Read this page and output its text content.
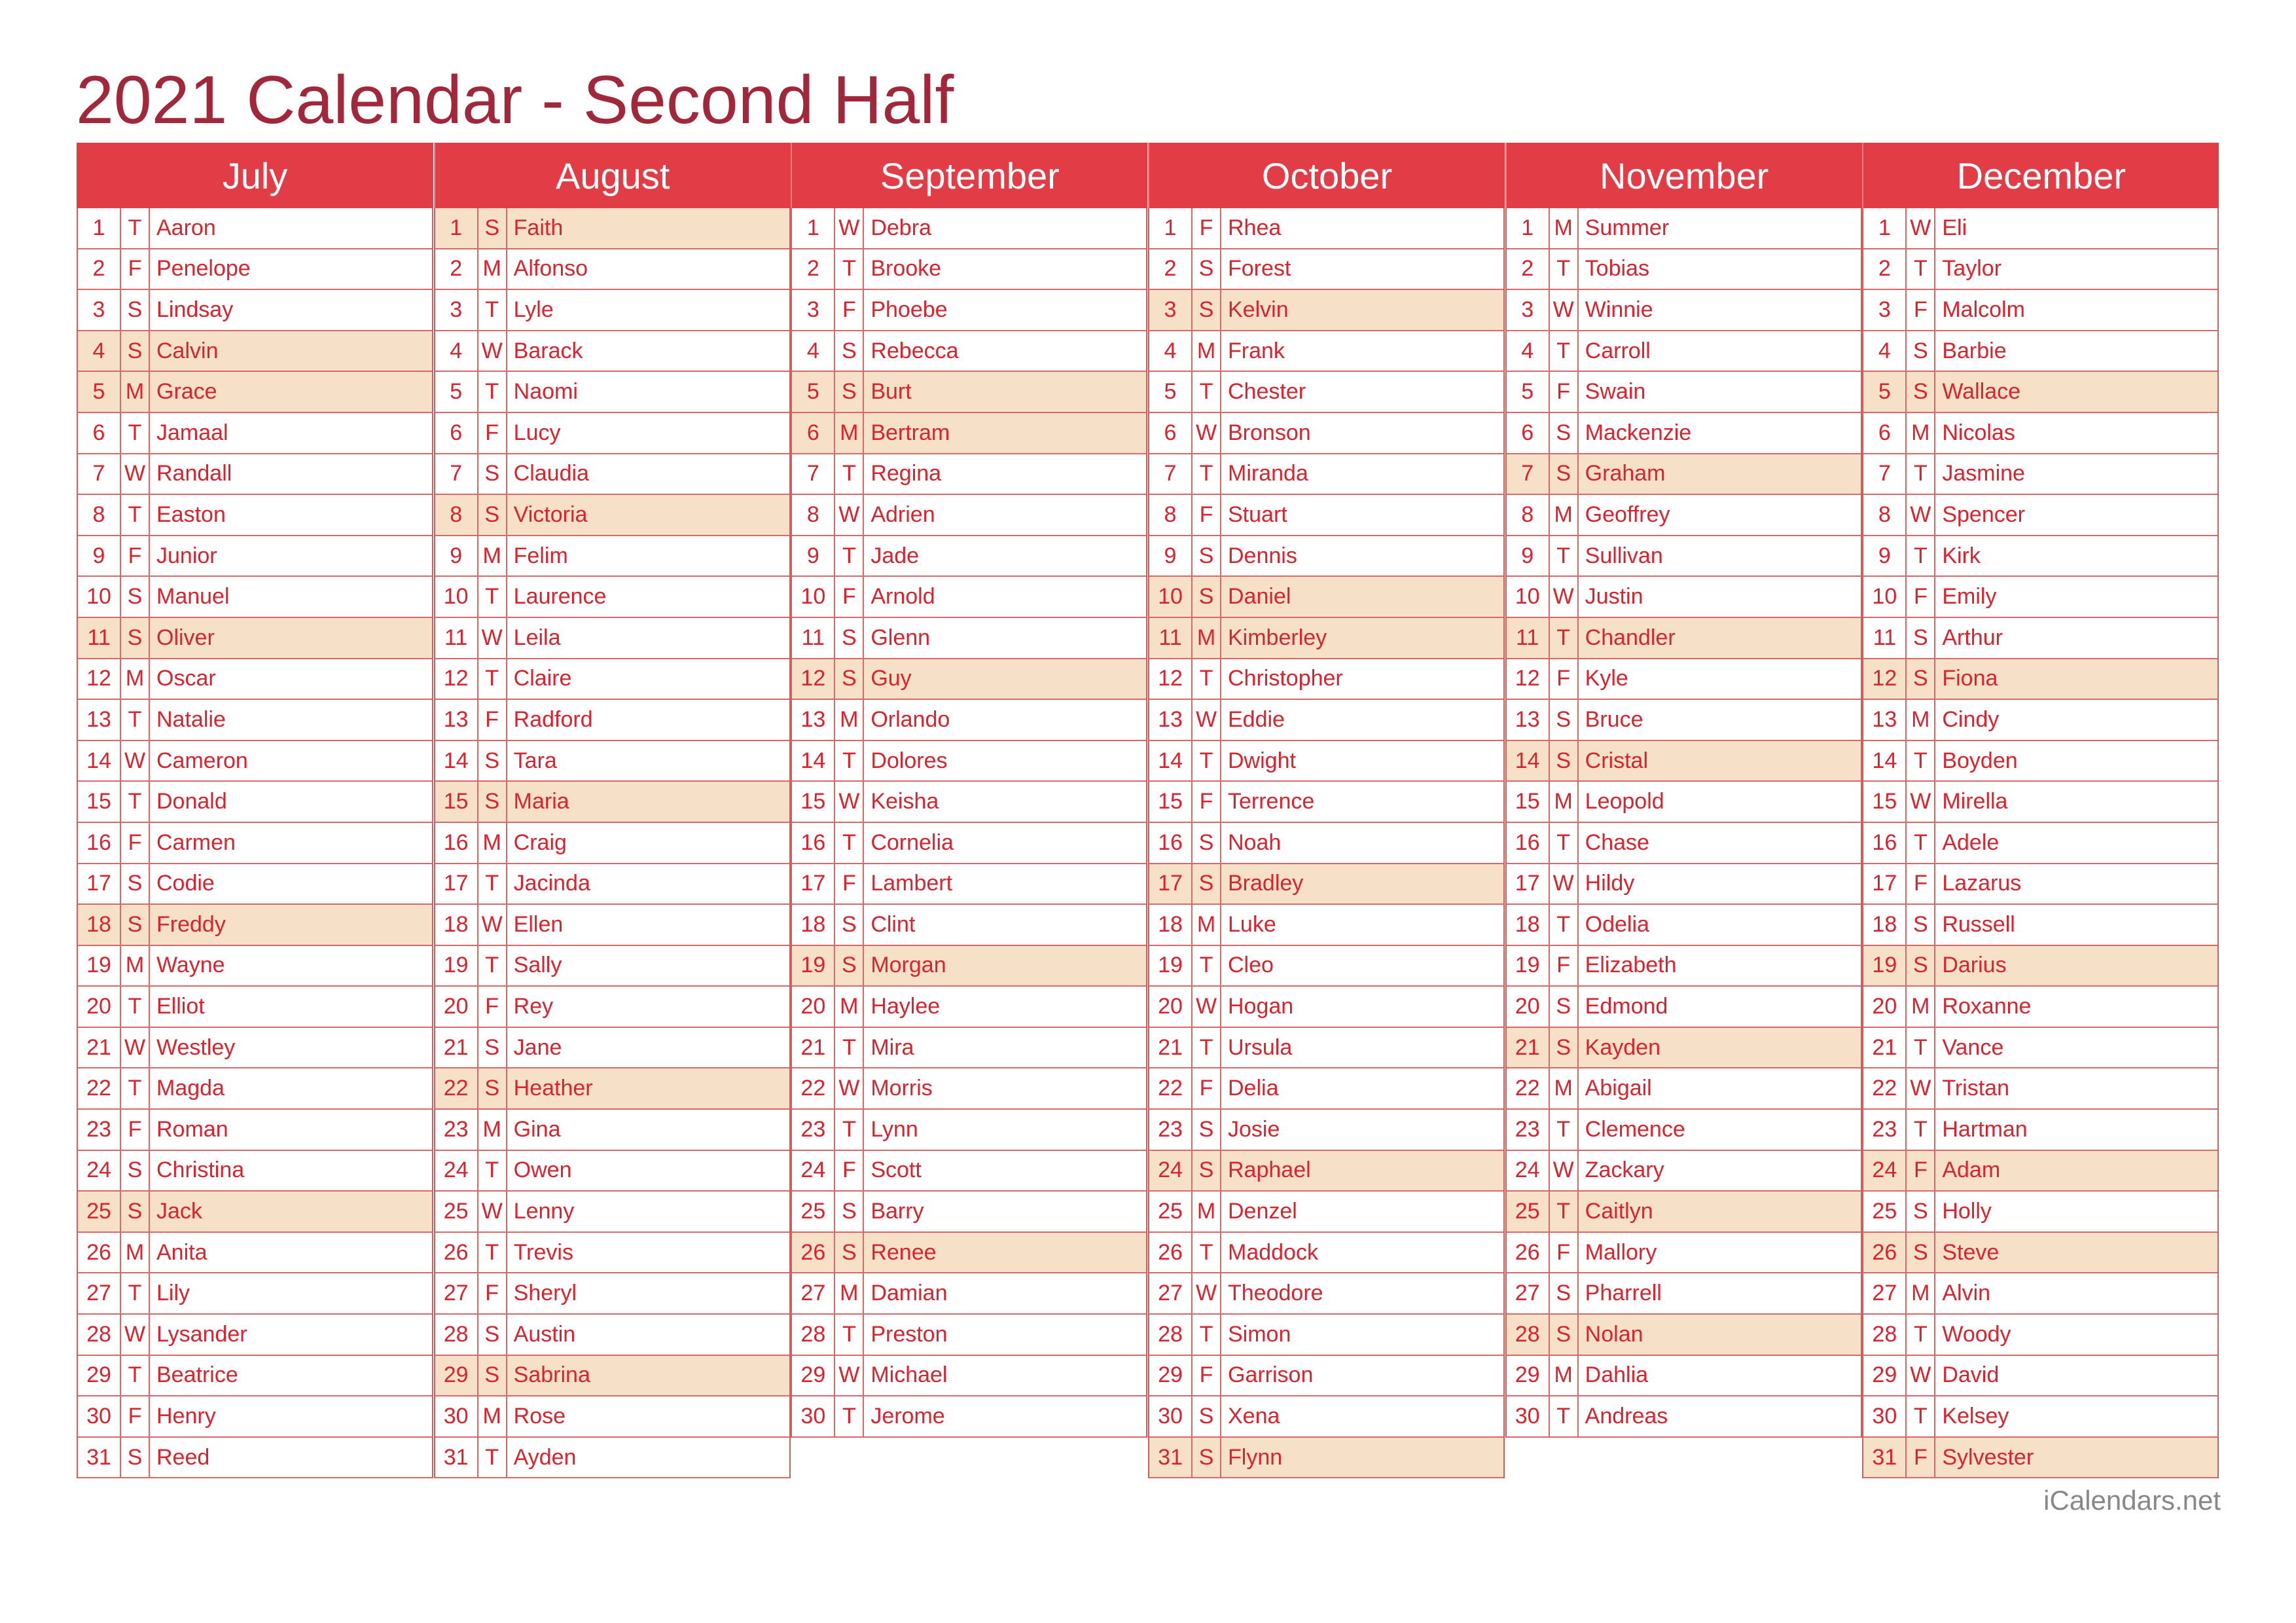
2021 Calendar - Second Half
July
1	T Aaron
2	F Penelope
3	S Lindsay
4	S Calvin
5 M Grace
6	T Jamaal
7 W Randall
8	T Easton
9	F Junior
10 S Manuel
11 S Oliver
12 M Oscar
13 T Natalie
14 W Cameron
15 T Donald
16 F Carmen
17 S Codie
18 S Freddy
19 M Wayne
20 T Elliot
21 W Westley
22 T Magda
23 F Roman
24 S Christina
25 S Jack
26 M Anita
27 T Lily
28 W Lysander
29 T Beatrice
30 F Henry
31 S Reed
August
1	S Faith
2 M Alfonso
3	T Lyle
4 W Barack
5	T Naomi
6	F Lucy
7	S Claudia
8	S Victoria
9 M Felim
10 T Laurence
11 W Leila
12 T Claire
13 F Radford
14 S Tara
15 S Maria
16 M Craig
17 T Jacinda
18 W Ellen
19 T Sally
20 F Rey
21 S Jane
22 S Heather
23 M Gina
24 T Owen
25 W Lenny
26 T Trevis
27 F Sheryl
28 S Austin
29 S Sabrina
30 M Rose
31 T Ayden
September
1 W Debra
2	T Brooke
3	F Phoebe
4	S Rebecca
5	S Burt
6 M Bertram
7	T Regina
8 W Adrien
9	T Jade
10 F Arnold
11 S Glenn
12 S Guy
13 M Orlando
14 T Dolores
15 W Keisha
16 T Cornelia
17 F Lambert
18 S Clint
19 S Morgan
20 M Haylee
21 T Mira
22 W Morris
23 T Lynn
24 F Scott
25 S Barry
26 S Renee
27 M Damian
28 T Preston
29 W Michael
30 T Jerome
October
1	F Rhea
2	S Forest
3	S Kelvin
4 M Frank
5	T Chester
6 W Bronson
7	T Miranda
8	F Stuart
9	S Dennis
10 S Daniel
11 M Kimberley
12 T Christopher
13 W Eddie
14 T Dwight
15 F Terrence
16 S Noah
17 S Bradley
18 M Luke
19 T Cleo
20 W Hogan
21 T Ursula
22 F Delia
23 S Josie
24 S Raphael
25 M Denzel
26 T Maddock
27 W Theodore
28 T Simon
29 F Garrison
30 S Xena
31 S Flynn
November
1 M Summer
2	T Tobias
3 W Winnie
4	T Carroll
5	F Swain
6	S Mackenzie
7	S Graham
8 M Geoffrey
9	T Sullivan
10 W Justin
11 T Chandler
12 F Kyle
13 S Bruce
14 S Cristal
15 M Leopold
16 T Chase
17 W Hildy
18 T Odelia
19 F Elizabeth
20 S Edmond
21 S Kayden
22 M Abigail
23 T Clemence
24 W Zackary
25 T Caitlyn
26 F Mallory
27 S Pharrell
28 S Nolan
29 M Dahlia
30 T Andreas
December
1 W Eli
2	T Taylor
3	F Malcolm
4	S Barbie
5	S Wallace
6 M Nicolas
7	T Jasmine
8 W Spencer
9	T Kirk
10 F Emily
11 S Arthur
12 S Fiona
13 M Cindy
14 T Boyden
15 W Mirella
16 T Adele
17 F Lazarus
18 S Russell
19 S Darius
20 M Roxanne
21 T Vance
22 W Tristan
23 T Hartman
24 F Adam
25 S Holly
26 S Steve
27 M Alvin
28 T Woody
29 W David
30 T Kelsey
31 F Sylvester
iCalendars.net
